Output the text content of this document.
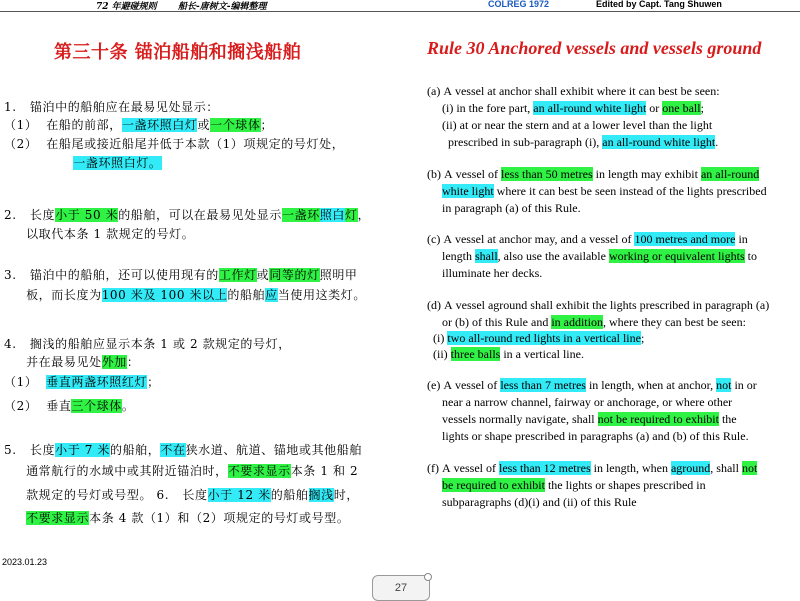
72 年避碰规则 船长-唐树文-编辑整理	COLREG 1972	Edited by Capt. Tang Shuwen
第三十条 锚泊船舶和搁浅船舶	Rule 30 Anchored vessels and vessels ground
1.   锚泊中的船舶应在最易见处显示：
（1）  在船的前部，一盏环照白灯或一个球体；
（2）  在船尾或接近船尾并低于本款（1）项规定的号灯处，
一盏环照白灯。
2.   长度小于 50 米的船舶，可以在最易见处显示一盏环照白灯，
以取代本条 1 款规定的号灯。
3.   锚泊中的船舶，还可以使用现有的工作灯或同等的灯照明甲
板，而长度为100 米及 100 米以上的船舶应当使用这类灯。
4.   搁浅的船舶应显示本条 1 或 2 款规定的号灯，
并在最易见处外加：
（1）  垂直两盏环照红灯；
（2）  垂直三个球体。
5.   长度小于 7 米的船舶，不在狭水道、航道、锚地或其他船舶
通常航行的水域中或其附近锚泊时，不要求显示本条 1 和 2
款规定的号灯或号型。 6.   长度小于 12 米的船舶搁浅时，
不要求显示本条 4 款（1）和（2）项规定的号灯或号型。
(a) A vessel at anchor shall exhibit where it can best be seen:
(i) in the fore part, an all-round white light or one ball;
(ii) at or near the stern and at a lower level than the light
prescribed in sub-paragraph (i), an all-round white light.
(b) A vessel of less than 50 metres in length may exhibit an all-round
white light where it can best be seen instead of the lights prescribed
in paragraph (a) of this Rule.
(c) A vessel at anchor may, and a vessel of 100 metres and more in
length shall, also use the available working or equivalent lights to
illuminate her decks.
(d) A vessel aground shall exhibit the lights prescribed in paragraph (a)
or (b) of this Rule and in addition, where they can best be seen:
(i) two all-round red lights in a vertical line;
(ii) three balls in a vertical line.
(e) A vessel of less than 7 metres in length, when at anchor, not in or
near a narrow channel, fairway or anchorage, or where other
vessels normally navigate, shall not be required to exhibit the
lights or shape prescribed in paragraphs (a) and (b) of this Rule.
(f) A vessel of less than 12 metres in length, when aground, shall not
be required to exhibit the lights or shapes prescribed in
subparagraphs (d)(i) and (ii) of this Rule
2023.01.23
27
